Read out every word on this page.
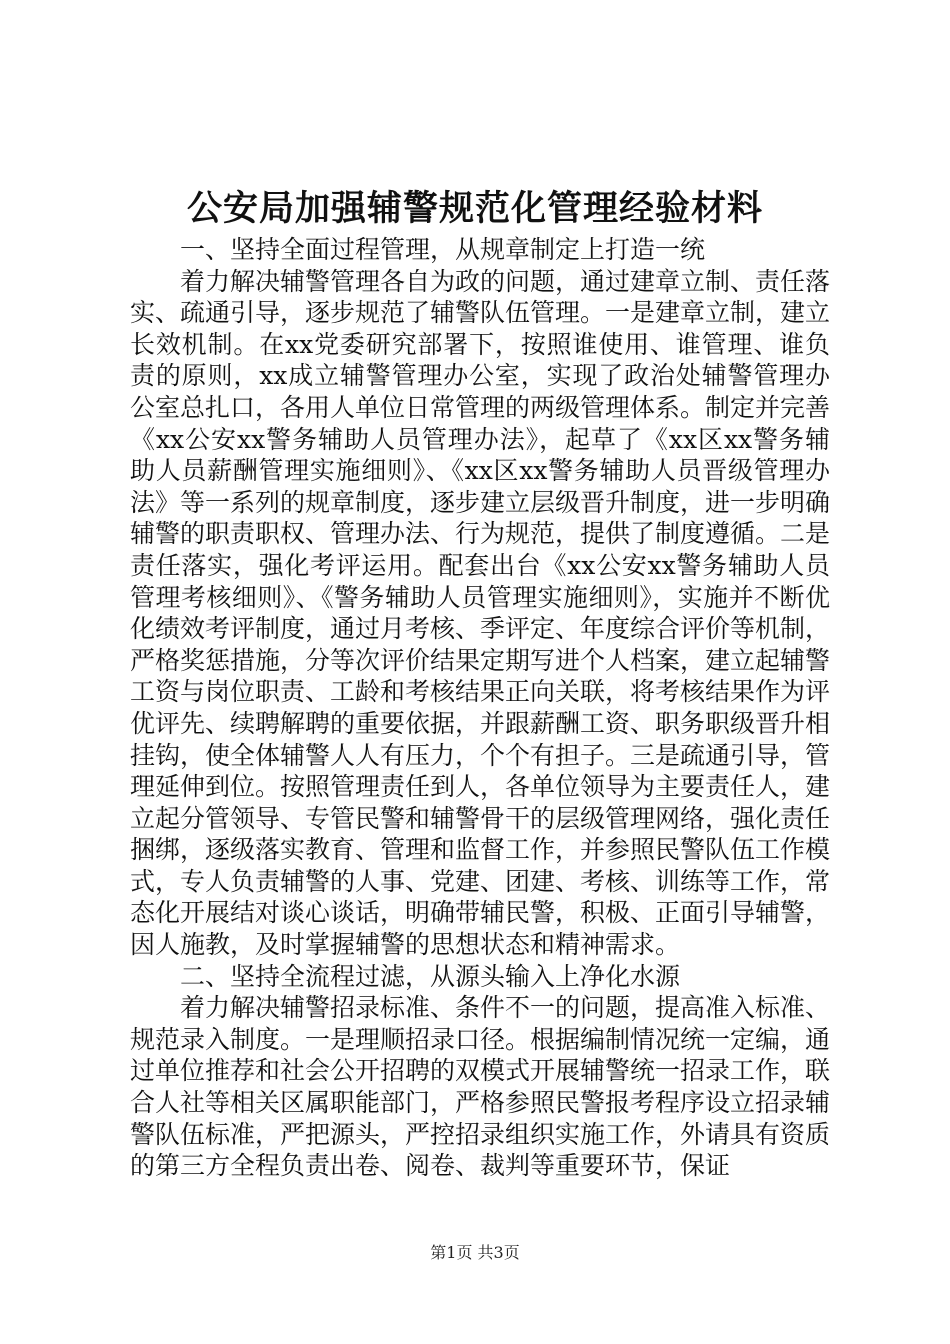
公安局加强辅警规范化管理经验材料

一、坚持全面过程管理，从规章制定上打造一统

着力解决辅警管理各自为政的问题，通过建章立制、责任落实、疏通引导，逐步规范了辅警队伍管理。一是建章立制，建立长效机制。在xx党委研究部署下，按照谁使用、谁管理、谁负责的原则，xx成立辅警管理办公室，实现了政治处辅警管理办公室总扎口，各用人单位日常管理的两级管理体系。制定并完善《xx公安xx警务辅助人员管理办法》，起草了《xx区xx警务辅助人员薪酬管理实施细则》、《xx区xx警务辅助人员晋级管理办法》等一系列的规章制度，逐步建立层级晋升制度，进一步明确辅警的职责职权、管理办法、行为规范，提供了制度遵循。二是责任落实，强化考评运用。配套出台《xx公安xx警务辅助人员管理考核细则》、《警务辅助人员管理实施细则》，实施并不断优化绩效考评制度，通过月考核、季评定、年度综合评价等机制，严格奖惩措施，分等次评价结果定期写进个人档案，建立起辅警工资与岗位职责、工龄和考核结果正向关联，将考核结果作为评优评先、续聘解聘的重要依据，并跟薪酬工资、职务职级晋升相挂钩，使全体辅警人人有压力，个个有担子。三是疏通引导，管理延伸到位。按照管理责任到人，各单位领导为主要责任人，建立起分管领导、专管民警和辅警骨干的层级管理网络，强化责任捆绑，逐级落实教育、管理和监督工作，并参照民警队伍工作模式，专人负责辅警的人事、党建、团建、考核、训练等工作，常态化开展结对谈心谈话，明确带辅民警，积极、正面引导辅警，因人施教，及时掌握辅警的思想状态和精神需求。

二、坚持全流程过滤，从源头输入上净化水源

着力解决辅警招录标准、条件不一的问题，提高准入标准、规范录入制度。一是理顺招录口径。根据编制情况统一定编，通过单位推荐和社会公开招聘的双模式开展辅警统一招录工作，联合人社等相关区属职能部门，严格参照民警报考程序设立招录辅警队伍标准，严把源头，严控招录组织实施工作，外请具有资质的第三方全程负责出卷、阅卷、裁判等重要环节，保证

第1页 共3页
